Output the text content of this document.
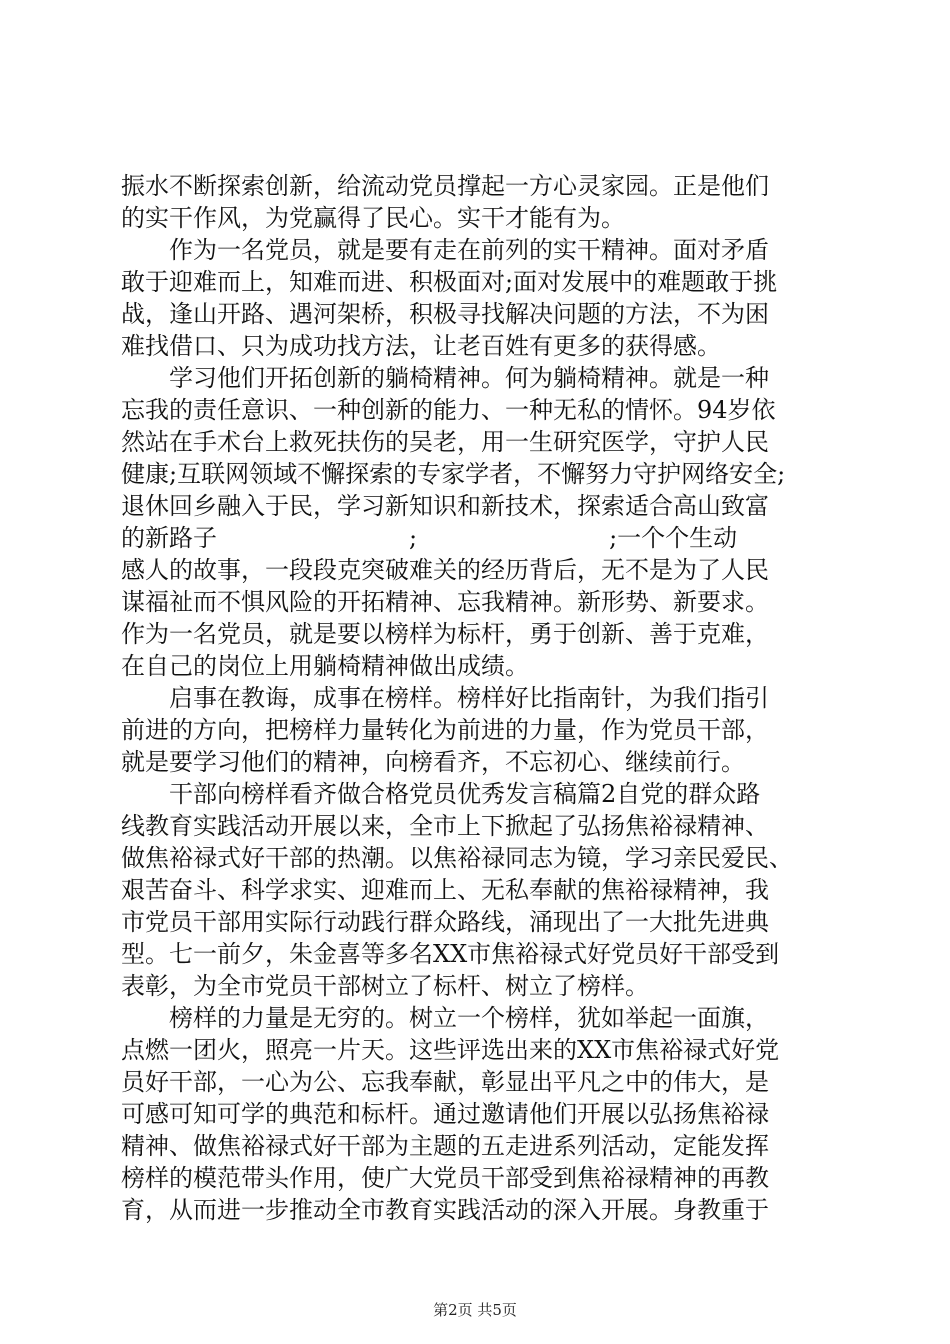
振水不断探索创新，给流动党员撑起一方心灵家园。正是他们
的实干作风，为党赢得了民心。实干才能有为。
　　作为一名党员，就是要有走在前列的实干精神。面对矛盾
敢于迎难而上，知难而进、积极面对;面对发展中的难题敢于挑
战，逢山开路、遇河架桥，积极寻找解决问题的方法，不为困
难找借口、只为成功找方法，让老百姓有更多的获得感。
　　学习他们开拓创新的躺椅精神。何为躺椅精神。就是一种
忘我的责任意识、一种创新的能力、一种无私的情怀。94岁依
然站在手术台上救死扶伤的吴老，用一生研究医学，守护人民
健康;互联网领域不懈探索的专家学者，不懈努力守护网络安全;
退休回乡融入于民，学习新知识和新技术，探索适合高山致富
的新路子　　　　　　　　;　　　　　　　　;一个个生动
感人的故事，一段段克突破难关的经历背后，无不是为了人民
谋福祉而不惧风险的开拓精神、忘我精神。新形势、新要求。
作为一名党员，就是要以榜样为标杆，勇于创新、善于克难，
在自己的岗位上用躺椅精神做出成绩。
　　启事在教诲，成事在榜样。榜样好比指南针，为我们指引
前进的方向，把榜样力量转化为前进的力量，作为党员干部，
就是要学习他们的精神，向榜看齐，不忘初心、继续前行。
　　干部向榜样看齐做合格党员优秀发言稿篇2自党的群众路
线教育实践活动开展以来，全市上下掀起了弘扬焦裕禄精神、
做焦裕禄式好干部的热潮。以焦裕禄同志为镜，学习亲民爱民、
艰苦奋斗、科学求实、迎难而上、无私奉献的焦裕禄精神，我
市党员干部用实际行动践行群众路线，涌现出了一大批先进典
型。七一前夕，朱金喜等多名XX市焦裕禄式好党员好干部受到
表彰，为全市党员干部树立了标杆、树立了榜样。
　　榜样的力量是无穷的。树立一个榜样，犹如举起一面旗，
点燃一团火，照亮一片天。这些评选出来的XX市焦裕禄式好党
员好干部，一心为公、忘我奉献，彰显出平凡之中的伟大，是
可感可知可学的典范和标杆。通过邀请他们开展以弘扬焦裕禄
精神、做焦裕禄式好干部为主题的五走进系列活动，定能发挥
榜样的模范带头作用，使广大党员干部受到焦裕禄精神的再教
育，从而进一步推动全市教育实践活动的深入开展。身教重于
第2页 共5页
